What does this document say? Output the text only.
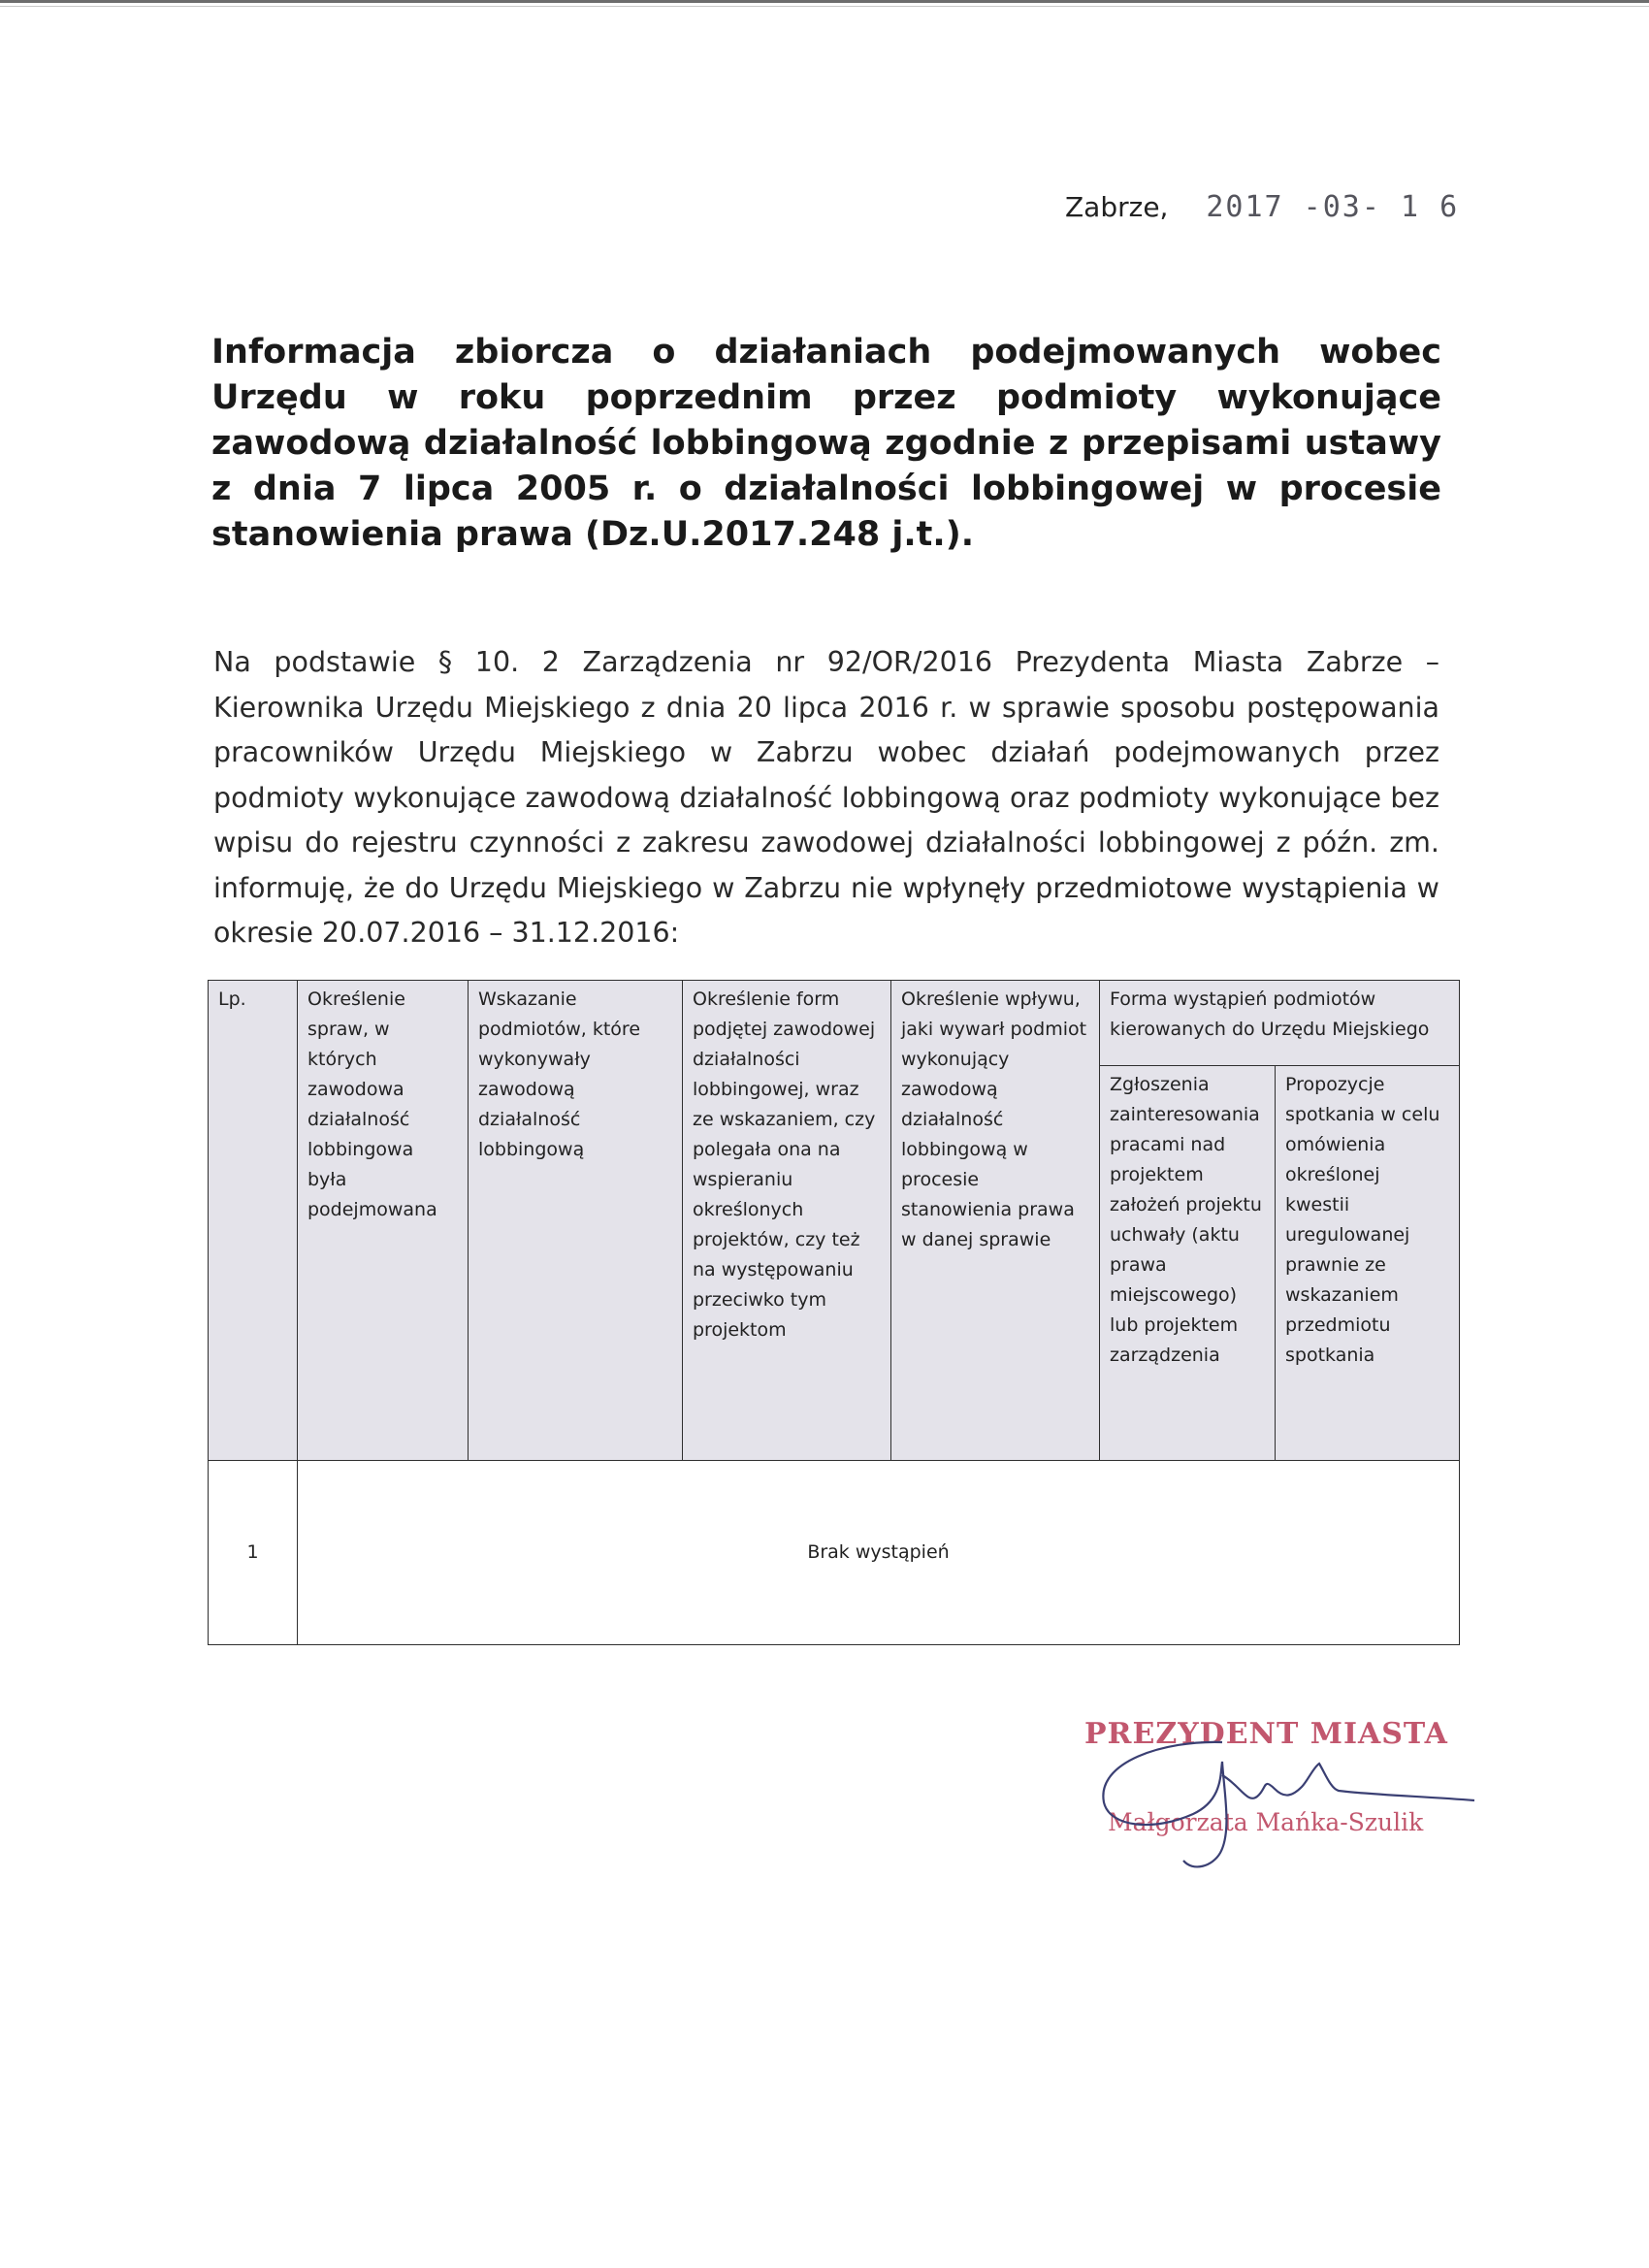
Zabrze, 2017 -03- 1 6
Informacja zbiorcza o działaniach podejmowanych wobec Urzędu w roku poprzednim przez podmioty wykonujące zawodową działalność lobbingową zgodnie z przepisami ustawy z dnia 7 lipca 2005 r. o działalności lobbingowej w procesie stanowienia prawa (Dz.U.2017.248 j.t.).
Na podstawie § 10. 2 Zarządzenia nr 92/OR/2016 Prezydenta Miasta Zabrze – Kierownika Urzędu Miejskiego z dnia 20 lipca 2016 r. w sprawie sposobu postępowania pracowników Urzędu Miejskiego w Zabrzu wobec działań podejmowanych przez podmioty wykonujące zawodową działalność lobbingową oraz podmioty wykonujące bez wpisu do rejestru czynności z zakresu zawodowej działalności lobbingowej z późn. zm. informuję, że do Urzędu Miejskiego w Zabrzu nie wpłynęły przedmiotowe wystąpienia w okresie 20.07.2016 – 31.12.2016:
Lp.	Określenie spraw, w których zawodowa działalność lobbingowa była podejmowana	Wskazanie podmiotów, które wykonywały zawodową działalność lobbingową	Określenie form podjętej zawodowej działalności lobbingowej, wraz ze wskazaniem, czy polegała ona na wspieraniu określonych projektów, czy też na występowaniu przeciwko tym projektom	Określenie wpływu, jaki wywarł podmiot wykonujący zawodową działalność lobbingową w procesie stanowienia prawa w danej sprawie	Forma wystąpień podmiotów kierowanych do Urzędu Miejskiego	
					Zgłoszenia zainteresowania pracami nad projektem założeń projektu uchwały (aktu prawa miejscowego) lub projektem zarządzenia	Propozycje spotkania w celu omówienia określonej kwestii uregulowanej prawnie ze wskazaniem przedmiotu spotkania
1	Brak wystąpień					
PREZYDENT MIASTA
Małgorzata Mańka-Szulik
